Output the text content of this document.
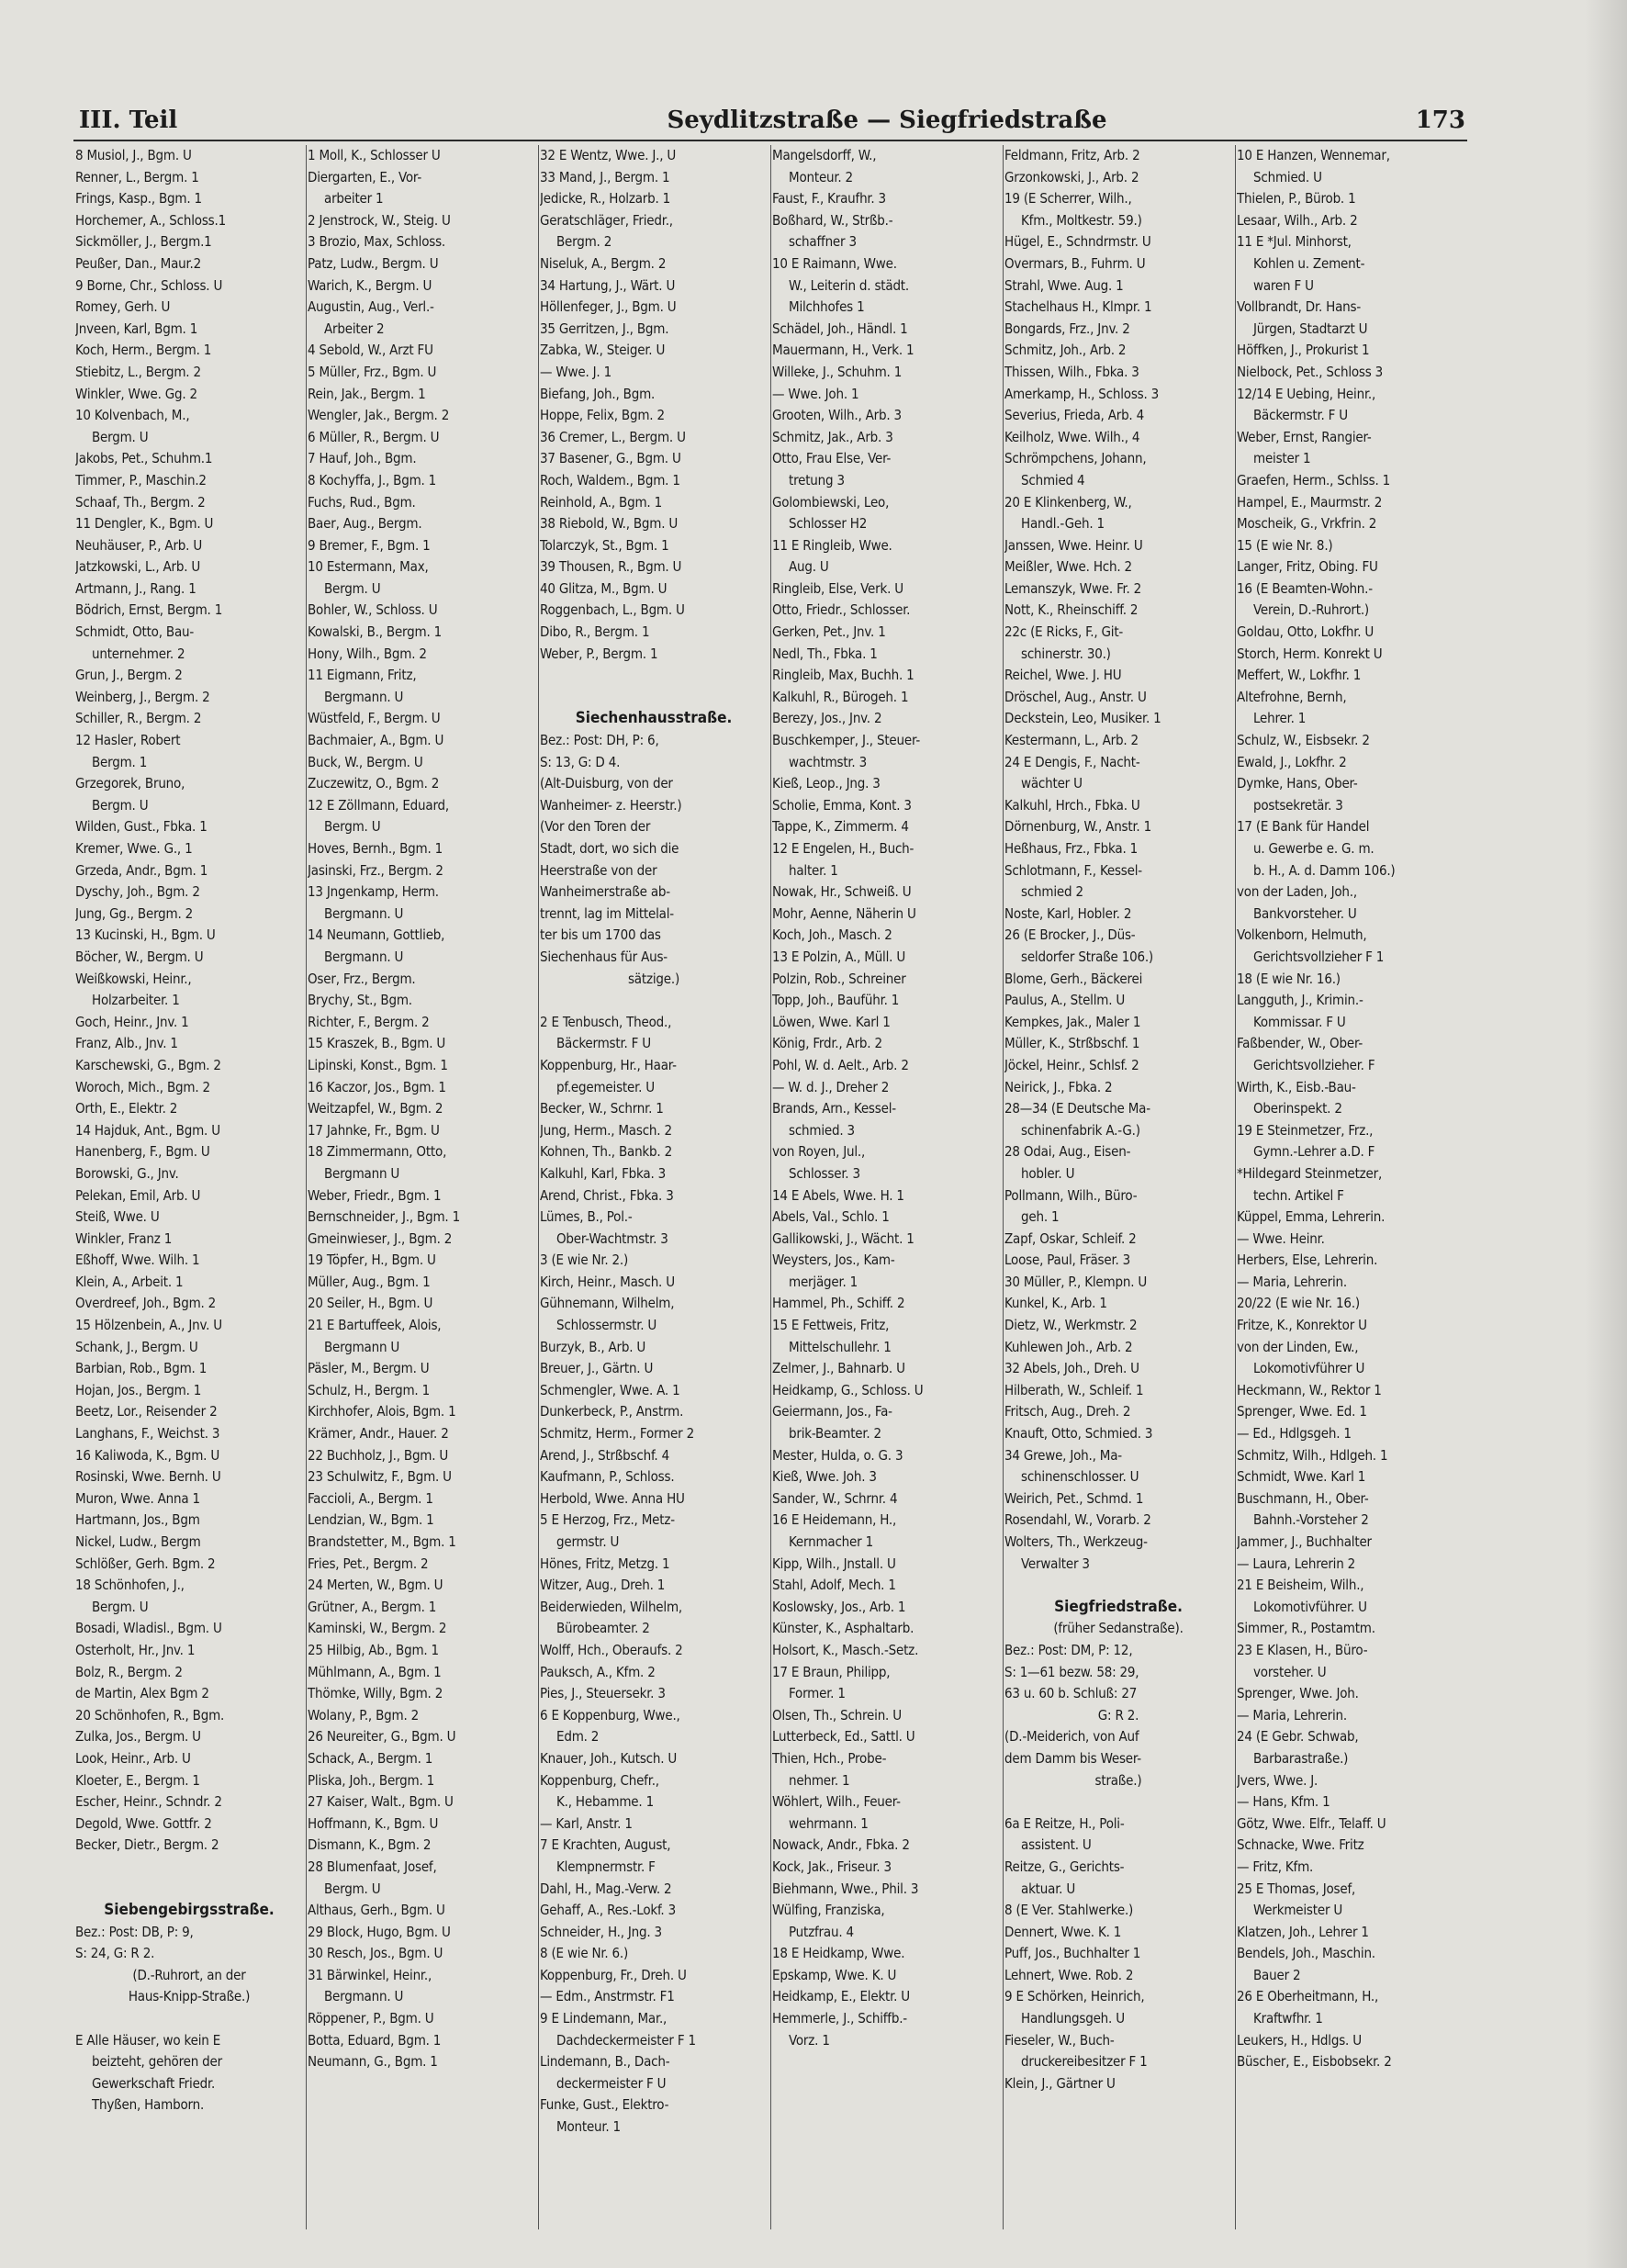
III. Teil	Seydlitzstraße — Siegfriedstraße	173
8 Musiol, J., Bgm. U
Renner, L., Bergm. 1
Frings, Kasp., Bgm. 1
Horchemer, A., Schloss.1
Sickmöller, J., Bergm.1
Peußer, Dan., Maur.2
9 Borne, Chr., Schloss. U
Romey, Gerh. U
Jnveen, Karl, Bgm. 1
Koch, Herm., Bergm. 1
Stiebitz, L., Bergm. 2
Winkler, Wwe. Gg. 2
10 Kolvenbach, M.,
Bergm. U
Jakobs, Pet., Schuhm.1
Timmer, P., Maschin.2
Schaaf, Th., Bergm. 2
11 Dengler, K., Bgm. U
Neuhäuser, P., Arb. U
Jatzkowski, L., Arb. U
Artmann, J., Rang. 1
Bödrich, Ernst, Bergm. 1
Schmidt, Otto, Bau-
unternehmer. 2
Grun, J., Bergm. 2
Weinberg, J., Bergm. 2
Schiller, R., Bergm. 2
12 Hasler, Robert
Bergm. 1
Grzegorek, Bruno,
Bergm. U
Wilden, Gust., Fbka. 1
Kremer, Wwe. G., 1
Grzeda, Andr., Bgm. 1
Dyschy, Joh., Bgm. 2
Jung, Gg., Bergm. 2
13 Kucinski, H., Bgm. U
Böcher, W., Bergm. U
Weißkowski, Heinr.,
Holzarbeiter. 1
Goch, Heinr., Jnv. 1
Franz, Alb., Jnv. 1
Karschewski, G., Bgm. 2
Woroch, Mich., Bgm. 2
Orth, E., Elektr. 2
14 Hajduk, Ant., Bgm. U
Hanenberg, F., Bgm. U
Borowski, G., Jnv.
Pelekan, Emil, Arb. U
Steiß, Wwe. U
Winkler, Franz 1
Eßhoff, Wwe. Wilh. 1
Klein, A., Arbeit. 1
Overdreef, Joh., Bgm. 2
15 Hölzenbein, A., Jnv. U
Schank, J., Bergm. U
Barbian, Rob., Bgm. 1
Hojan, Jos., Bergm. 1
Beetz, Lor., Reisender 2
Langhans, F., Weichst. 3
16 Kaliwoda, K., Bgm. U
Rosinski, Wwe. Bernh. U
Muron, Wwe. Anna 1
Hartmann, Jos., Bgm
Nickel, Ludw., Bergm
Schlößer, Gerh. Bgm. 2
18 Schönhofen, J.,
Bergm. U
Bosadi, Wladisl., Bgm. U
Osterholt, Hr., Jnv. 1
Bolz, R., Bergm. 2
de Martin, Alex Bgm 2
20 Schönhofen, R., Bgm.
Zulka, Jos., Bergm. U
Look, Heinr., Arb. U
Kloeter, E., Bergm. 1
Escher, Heinr., Schndr. 2
Degold, Wwe. Gottfr. 2
Becker, Dietr., Bergm. 2
Siebengebirgsstraße.
Bez.: Post: DB, P: 9,
S: 24, G: R 2.
(D.-Ruhrort, an der
Haus-Knipp-Straße.)
E Alle Häuser, wo kein E
beizteht, gehören der
Gewerkschaft Friedr.
Thyßen, Hamborn.
1 Moll, K., Schlosser U
Diergarten, E., Vor-
arbeiter 1
2 Jenstrock, W., Steig. U
3 Brozio, Max, Schloss.
Patz, Ludw., Bergm. U
Warich, K., Bergm. U
Augustin, Aug., Verl.-
Arbeiter 2
4 Sebold, W., Arzt FU
5 Müller, Frz., Bgm. U
Rein, Jak., Bergm. 1
Wengler, Jak., Bergm. 2
6 Müller, R., Bergm. U
7 Hauf, Joh., Bgm.
8 Kochyffa, J., Bgm. 1
Fuchs, Rud., Bgm.
Baer, Aug., Bergm.
9 Bremer, F., Bgm. 1
10 Estermann, Max,
Bergm. U
Bohler, W., Schloss. U
Kowalski, B., Bergm. 1
Hony, Wilh., Bgm. 2
11 Eigmann, Fritz,
Bergmann. U
Wüstfeld, F., Bergm. U
Bachmaier, A., Bgm. U
Buck, W., Bergm. U
Zuczewitz, O., Bgm. 2
12 E Zöllmann, Eduard,
Bergm. U
Hoves, Bernh., Bgm. 1
Jasinski, Frz., Bergm. 2
13 Jngenkamp, Herm.
Bergmann. U
14 Neumann, Gottlieb,
Bergmann. U
Oser, Frz., Bergm.
Brychy, St., Bgm.
Richter, F., Bergm. 2
15 Kraszek, B., Bgm. U
Lipinski, Konst., Bgm. 1
16 Kaczor, Jos., Bgm. 1
Weitzapfel, W., Bgm. 2
17 Jahnke, Fr., Bgm. U
18 Zimmermann, Otto,
Bergmann U
Weber, Friedr., Bgm. 1
Bernschneider, J., Bgm. 1
Gmeinwieser, J., Bgm. 2
19 Töpfer, H., Bgm. U
Müller, Aug., Bgm. 1
20 Seiler, H., Bgm. U
21 E Bartuffeek, Alois,
Bergmann U
Päsler, M., Bergm. U
Schulz, H., Bergm. 1
Kirchhofer, Alois, Bgm. 1
Krämer, Andr., Hauer. 2
22 Buchholz, J., Bgm. U
23 Schulwitz, F., Bgm. U
Faccioli, A., Bergm. 1
Lendzian, W., Bgm. 1
Brandstetter, M., Bgm. 1
Fries, Pet., Bergm. 2
24 Merten, W., Bgm. U
Grütner, A., Bergm. 1
Kaminski, W., Bergm. 2
25 Hilbig, Ab., Bgm. 1
Mühlmann, A., Bgm. 1
Thömke, Willy, Bgm. 2
Wolany, P., Bgm. 2
26 Neureiter, G., Bgm. U
Schack, A., Bergm. 1
Pliska, Joh., Bergm. 1
27 Kaiser, Walt., Bgm. U
Hoffmann, K., Bgm. U
Dismann, K., Bgm. 2
28 Blumenfaat, Josef,
Bergm. U
Althaus, Gerh., Bgm. U
29 Block, Hugo, Bgm. U
30 Resch, Jos., Bgm. U
31 Bärwinkel, Heinr.,
Bergmann. U
Röppener, P., Bgm. U
Botta, Eduard, Bgm. 1
Neumann, G., Bgm. 1
32 E Wentz, Wwe. J., U
33 Mand, J., Bergm. 1
Jedicke, R., Holzarb. 1
Geratschläger, Friedr.,
Bergm. 2
Niseluk, A., Bergm. 2
34 Hartung, J., Wärt. U
Höllenfeger, J., Bgm. U
35 Gerritzen, J., Bgm.
Zabka, W., Steiger. U
— Wwe. J. 1
Biefang, Joh., Bgm.
Hoppe, Felix, Bgm. 2
36 Cremer, L., Bergm. U
37 Basener, G., Bgm. U
Roch, Waldem., Bgm. 1
Reinhold, A., Bgm. 1
38 Riebold, W., Bgm. U
Tolarczyk, St., Bgm. 1
39 Thousen, R., Bgm. U
40 Glitza, M., Bgm. U
Roggenbach, L., Bgm. U
Dibo, R., Bergm. 1
Weber, P., Bergm. 1
Siechenhausstraße.
Bez.: Post: DH, P: 6,
S: 13, G: D 4.
(Alt-Duisburg, von der
Wanheimer- z. Heerstr.)
(Vor den Toren der
Stadt, dort, wo sich die
Heerstraße von der
Wanheimerstraße ab-
trennt, lag im Mittelal-
ter bis um 1700 das
Siechenhaus für Aus-
sätzige.)
2 E Tenbusch, Theod.,
Bäckermstr. F U
Koppenburg, Hr., Haar-
pf.egemeister. U
Becker, W., Schrnr. 1
Jung, Herm., Masch. 2
Kohnen, Th., Bankb. 2
Kalkuhl, Karl, Fbka. 3
Arend, Christ., Fbka. 3
Lümes, B., Pol.-
Ober-Wachtmstr. 3
3 (E wie Nr. 2.)
Kirch, Heinr., Masch. U
Gühnemann, Wilhelm,
Schlossermstr. U
Burzyk, B., Arb. U
Breuer, J., Gärtn. U
Schmengler, Wwe. A. 1
Dunkerbeck, P., Anstrm.
Schmitz, Herm., Former 2
Arend, J., Strßbschf. 4
Kaufmann, P., Schloss.
Herbold, Wwe. Anna HU
5 E Herzog, Frz., Metz-
germstr. U
Hönes, Fritz, Metzg. 1
Witzer, Aug., Dreh. 1
Beiderwieden, Wilhelm,
Bürobeamter. 2
Wolff, Hch., Oberaufs. 2
Pauksch, A., Kfm. 2
Pies, J., Steuersekr. 3
6 E Koppenburg, Wwe.,
Edm. 2
Knauer, Joh., Kutsch. U
Koppenburg, Chefr.,
K., Hebamme. 1
— Karl, Anstr. 1
7 E Krachten, August,
Klempnermstr. F
Dahl, H., Mag.-Verw. 2
Gehaff, A., Res.-Lokf. 3
Schneider, H., Jng. 3
8 (E wie Nr. 6.)
Koppenburg, Fr., Dreh. U
— Edm., Anstrmstr. F1
9 E Lindemann, Mar.,
Dachdeckermeister F 1
Lindemann, B., Dach-
deckermeister F U
Funke, Gust., Elektro-
Monteur. 1
Mangelsdorff, W.,
Monteur. 2
Faust, F., Kraufhr. 3
Boßhard, W., Strßb.-
schaffner 3
10 E Raimann, Wwe.
W., Leiterin d. städt.
Milchhofes 1
Schädel, Joh., Händl. 1
Mauermann, H., Verk. 1
Willeke, J., Schuhm. 1
— Wwe. Joh. 1
Grooten, Wilh., Arb. 3
Schmitz, Jak., Arb. 3
Otto, Frau Else, Ver-
tretung 3
Golombiewski, Leo,
Schlosser H2
11 E Ringleib, Wwe.
Aug. U
Ringleib, Else, Verk. U
Otto, Friedr., Schlosser.
Gerken, Pet., Jnv. 1
Nedl, Th., Fbka. 1
Ringleib, Max, Buchh. 1
Kalkuhl, R., Bürogeh. 1
Berezy, Jos., Jnv. 2
Buschkemper, J., Steuer-
wachtmstr. 3
Kieß, Leop., Jng. 3
Scholie, Emma, Kont. 3
Tappe, K., Zimmerm. 4
12 E Engelen, H., Buch-
halter. 1
Nowak, Hr., Schweiß. U
Mohr, Aenne, Näherin U
Koch, Joh., Masch. 2
13 E Polzin, A., Müll. U
Polzin, Rob., Schreiner
Topp, Joh., Bauführ. 1
Löwen, Wwe. Karl 1
König, Frdr., Arb. 2
Pohl, W. d. Aelt., Arb. 2
— W. d. J., Dreher 2
Brands, Arn., Kessel-
schmied. 3
von Royen, Jul.,
Schlosser. 3
14 E Abels, Wwe. H. 1
Abels, Val., Schlo. 1
Gallikowski, J., Wächt. 1
Weysters, Jos., Kam-
merjäger. 1
Hammel, Ph., Schiff. 2
15 E Fettweis, Fritz,
Mittelschullehr. 1
Zelmer, J., Bahnarb. U
Heidkamp, G., Schloss. U
Geiermann, Jos., Fa-
brik-Beamter. 2
Mester, Hulda, o. G. 3
Kieß, Wwe. Joh. 3
Sander, W., Schrnr. 4
16 E Heidemann, H.,
Kernmacher 1
Kipp, Wilh., Jnstall. U
Stahl, Adolf, Mech. 1
Koslowsky, Jos., Arb. 1
Künster, K., Asphaltarb.
Holsort, K., Masch.-Setz.
17 E Braun, Philipp,
Former. 1
Olsen, Th., Schrein. U
Lutterbeck, Ed., Sattl. U
Thien, Hch., Probe-
nehmer. 1
Wöhlert, Wilh., Feuer-
wehrmann. 1
Nowack, Andr., Fbka. 2
Kock, Jak., Friseur. 3
Biehmann, Wwe., Phil. 3
Wülfing, Franziska,
Putzfrau. 4
18 E Heidkamp, Wwe.
Epskamp, Wwe. K. U
Heidkamp, E., Elektr. U
Hemmerle, J., Schiffb.-
Vorz. 1
Feldmann, Fritz, Arb. 2
Grzonkowski, J., Arb. 2
19 (E Scherrer, Wilh.,
Kfm., Moltkestr. 59.)
Hügel, E., Schndrmstr. U
Overmars, B., Fuhrm. U
Strahl, Wwe. Aug. 1
Stachelhaus H., Klmpr. 1
Bongards, Frz., Jnv. 2
Schmitz, Joh., Arb. 2
Thissen, Wilh., Fbka. 3
Amerkamp, H., Schloss. 3
Severius, Frieda, Arb. 4
Keilholz, Wwe. Wilh., 4
Schrömpchens, Johann,
Schmied 4
20 E Klinkenberg, W.,
Handl.-Geh. 1
Janssen, Wwe. Heinr. U
Meißler, Wwe. Hch. 2
Lemanszyk, Wwe. Fr. 2
Nott, K., Rheinschiff. 2
22c (E Ricks, F., Git-
schinerstr. 30.)
Reichel, Wwe. J. HU
Dröschel, Aug., Anstr. U
Deckstein, Leo, Musiker. 1
Kestermann, L., Arb. 2
24 E Dengis, F., Nacht-
wächter U
Kalkuhl, Hrch., Fbka. U
Dörnenburg, W., Anstr. 1
Heßhaus, Frz., Fbka. 1
Schlotmann, F., Kessel-
schmied 2
Noste, Karl, Hobler. 2
26 (E Brocker, J., Düs-
seldorfer Straße 106.)
Blome, Gerh., Bäckerei
Paulus, A., Stellm. U
Kempkes, Jak., Maler 1
Müller, K., Strßbschf. 1
Jöckel, Heinr., Schlsf. 2
Neirick, J., Fbka. 2
28—34 (E Deutsche Ma-
schinenfabrik A.-G.)
28 Odai, Aug., Eisen-
hobler. U
Pollmann, Wilh., Büro-
geh. 1
Zapf, Oskar, Schleif. 2
Loose, Paul, Fräser. 3
30 Müller, P., Klempn. U
Kunkel, K., Arb. 1
Dietz, W., Werkmstr. 2
Kuhlewen Joh., Arb. 2
32 Abels, Joh., Dreh. U
Hilberath, W., Schleif. 1
Fritsch, Aug., Dreh. 2
Knauft, Otto, Schmied. 3
34 Grewe, Joh., Ma-
schinenschlosser. U
Weirich, Pet., Schmd. 1
Rosendahl, W., Vorarb. 2
Wolters, Th., Werkzeug-
Verwalter 3
Siegfriedstraße.
(früher Sedanstraße).
Bez.: Post: DM, P: 12,
S: 1—61 bezw. 58: 29,
63 u. 60 b. Schluß: 27
G: R 2.
(D.-Meiderich, von Auf
dem Damm bis Weser-
straße.)
6a E Reitze, H., Poli-
assistent. U
Reitze, G., Gerichts-
aktuar. U
8 (E Ver. Stahlwerke.)
Dennert, Wwe. K. 1
Puff, Jos., Buchhalter 1
Lehnert, Wwe. Rob. 2
9 E Schörken, Heinrich,
Handlungsgeh. U
Fieseler, W., Buch-
druckereibesitzer F 1
Klein, J., Gärtner U
10 E Hanzen, Wennemar,
Schmied. U
Thielen, P., Bürob. 1
Lesaar, Wilh., Arb. 2
11 E *Jul. Minhorst,
Kohlen u. Zement-
waren F U
Vollbrandt, Dr. Hans-
Jürgen, Stadtarzt U
Höffken, J., Prokurist 1
Nielbock, Pet., Schloss 3
12/14 E Uebing, Heinr.,
Bäckermstr. F U
Weber, Ernst, Rangier-
meister 1
Graefen, Herm., Schlss. 1
Hampel, E., Maurmstr. 2
Moscheik, G., Vrkfrin. 2
15 (E wie Nr. 8.)
Langer, Fritz, Obing. FU
16 (E Beamten-Wohn.-
Verein, D.-Ruhrort.)
Goldau, Otto, Lokfhr. U
Storch, Herm. Konrekt U
Meffert, W., Lokfhr. 1
Altefrohne, Bernh,
Lehrer. 1
Schulz, W., Eisbsekr. 2
Ewald, J., Lokfhr. 2
Dymke, Hans, Ober-
postsekretär. 3
17 (E Bank für Handel
u. Gewerbe e. G. m.
b. H., A. d. Damm 106.)
von der Laden, Joh.,
Bankvorsteher. U
Volkenborn, Helmuth,
Gerichtsvollzieher F 1
18 (E wie Nr. 16.)
Langguth, J., Krimin.-
Kommissar. F U
Faßbender, W., Ober-
Gerichtsvollzieher. F
Wirth, K., Eisb.-Bau-
Oberinspekt. 2
19 E Steinmetzer, Frz.,
Gymn.-Lehrer a.D. F
*Hildegard Steinmetzer,
techn. Artikel F
Küppel, Emma, Lehrerin.
— Wwe. Heinr.
Herbers, Else, Lehrerin.
— Maria, Lehrerin.
20/22 (E wie Nr. 16.)
Fritze, K., Konrektor U
von der Linden, Ew.,
Lokomotivführer U
Heckmann, W., Rektor 1
Sprenger, Wwe. Ed. 1
— Ed., Hdlgsgeh. 1
Schmitz, Wilh., Hdlgeh. 1
Schmidt, Wwe. Karl 1
Buschmann, H., Ober-
Bahnh.-Vorsteher 2
Jammer, J., Buchhalter
— Laura, Lehrerin 2
21 E Beisheim, Wilh.,
Lokomotivführer. U
Simmer, R., Postamtm.
23 E Klasen, H., Büro-
vorsteher. U
Sprenger, Wwe. Joh.
— Maria, Lehrerin.
24 (E Gebr. Schwab,
Barbarastraße.)
Jvers, Wwe. J.
— Hans, Kfm. 1
Götz, Wwe. Elfr., Telaff. U
Schnacke, Wwe. Fritz
— Fritz, Kfm.
25 E Thomas, Josef,
Werkmeister U
Klatzen, Joh., Lehrer 1
Bendels, Joh., Maschin.
Bauer 2
26 E Oberheitmann, H.,
Kraftwfhr. 1
Leukers, H., Hdlgs. U
Büscher, E., Eisbobsekr. 2
